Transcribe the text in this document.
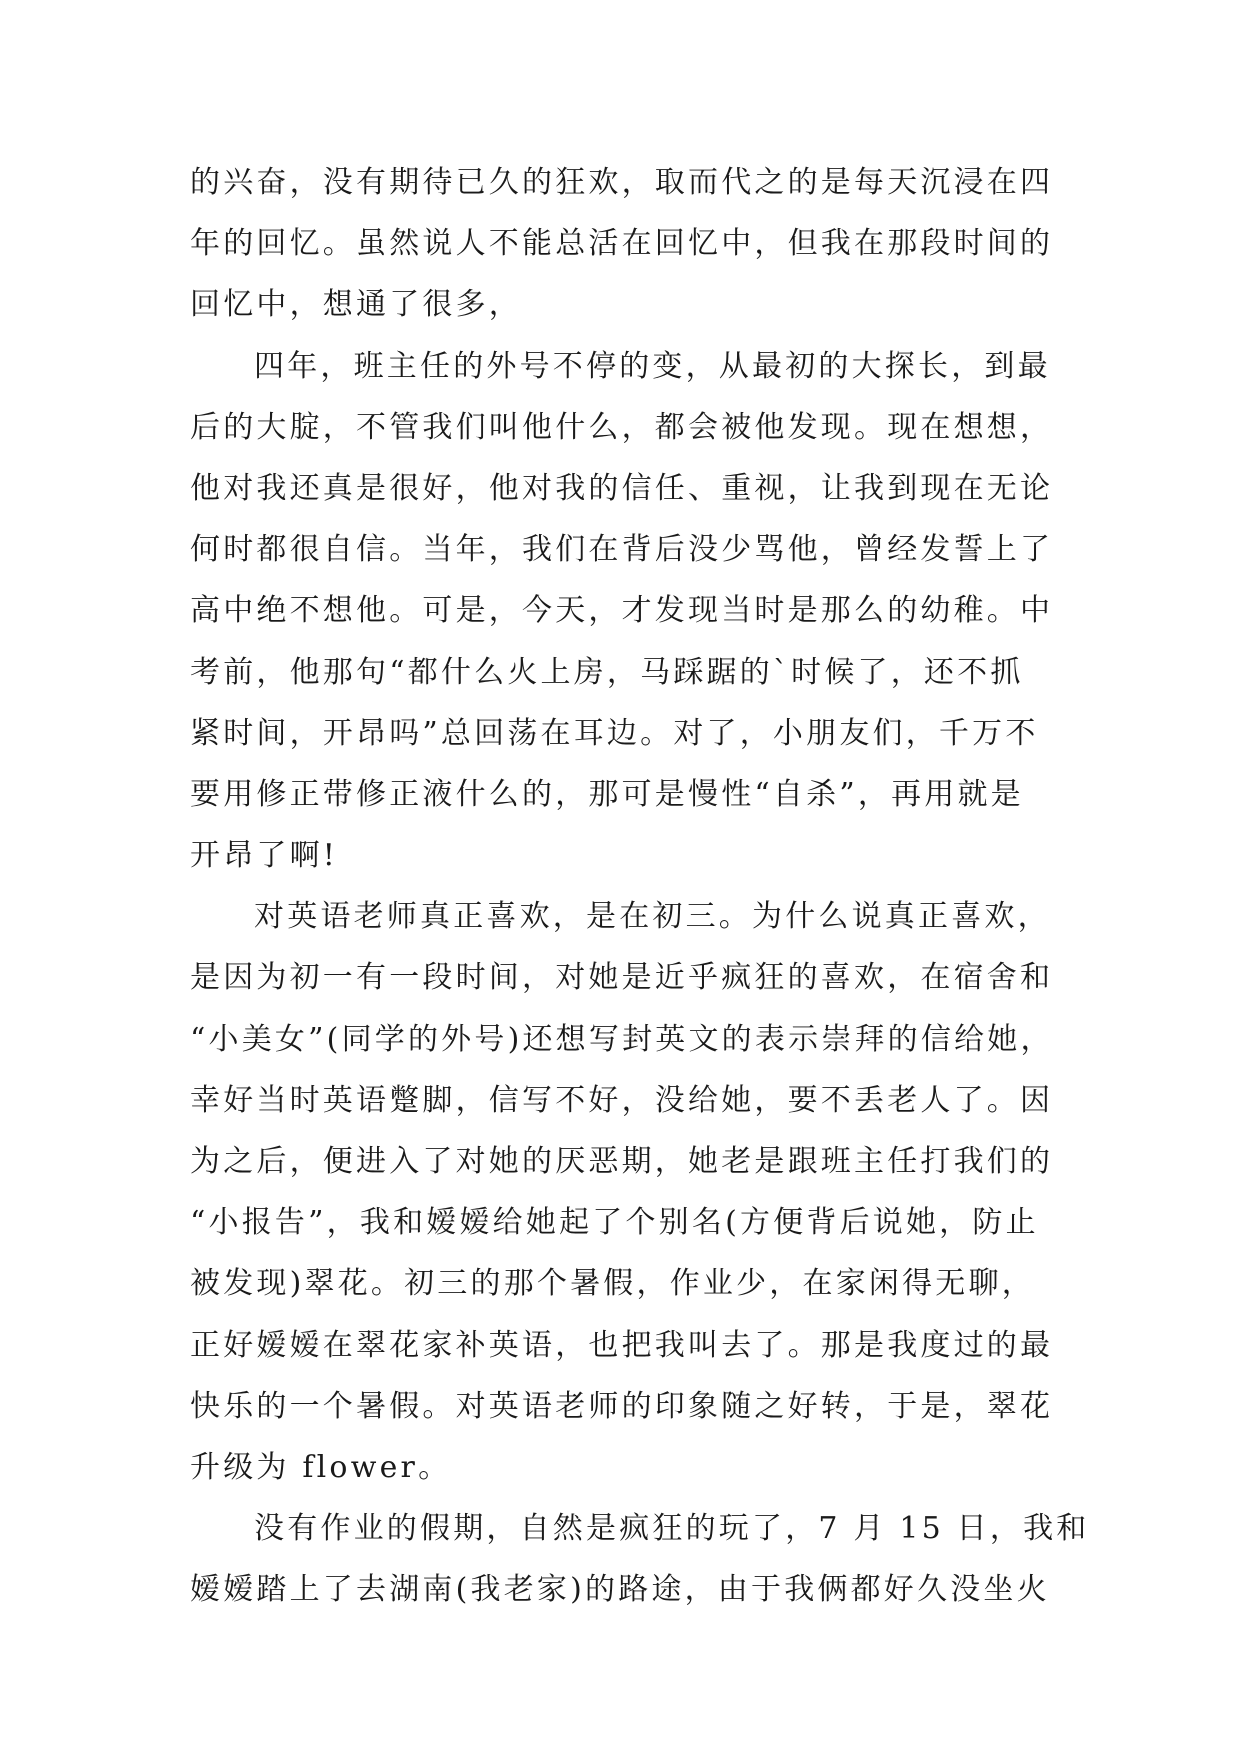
的兴奋，没有期待已久的狂欢，取而代之的是每天沉浸在四
年的回忆。虽然说人不能总活在回忆中，但我在那段时间的
回忆中，想通了很多，
四年，班主任的外号不停的变，从最初的大探长，到最
后的大腚，不管我们叫他什么，都会被他发现。现在想想，
他对我还真是很好，他对我的信任、重视，让我到现在无论
何时都很自信。当年，我们在背后没少骂他，曾经发誓上了
高中绝不想他。可是，今天，才发现当时是那么的幼稚。中
考前，他那句“都什么火上房，马踩踞的`时候了，还不抓
紧时间，开昂吗”总回荡在耳边。对了，小朋友们，千万不
要用修正带修正液什么的，那可是慢性“自杀”，再用就是
开昂了啊!
对英语老师真正喜欢，是在初三。为什么说真正喜欢，
是因为初一有一段时间，对她是近乎疯狂的喜欢，在宿舍和
“小美女”(同学的外号)还想写封英文的表示崇拜的信给她，
幸好当时英语蹩脚，信写不好，没给她，要不丢老人了。因
为之后，便进入了对她的厌恶期，她老是跟班主任打我们的
“小报告”，我和嫒嫒给她起了个别名(方便背后说她，防止
被发现)翠花。初三的那个暑假，作业少，在家闲得无聊，
正好嫒嫒在翠花家补英语，也把我叫去了。那是我度过的最
快乐的一个暑假。对英语老师的印象随之好转，于是，翠花
升级为 flower。
没有作业的假期，自然是疯狂的玩了，7 月 15 日，我和
嫒嫒踏上了去湖南(我老家)的路途，由于我俩都好久没坐火
